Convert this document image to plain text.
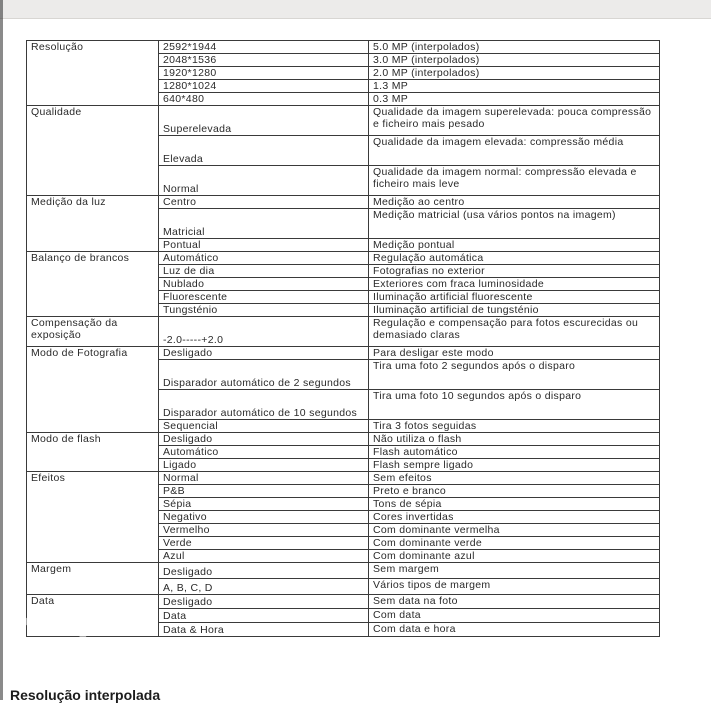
Resolução	2592*1944	5.0 MP (interpolados)
	2048*1536	3.0 MP (interpolados)
	1920*1280	2.0 MP (interpolados)
	1280*1024	1.3 MP
	640*480	0.3 MP
Qualidade	Superelevada	Qualidade da imagem superelevada: pouca compressão e ficheiro mais pesado
	Elevada	Qualidade da imagem elevada: compressão média
	Normal	Qualidade da imagem normal: compressão elevada e ficheiro mais leve
Medição da luz	Centro	Medição ao centro
	Matricial	Medição matricial (usa vários pontos na imagem)
	Pontual	Medição pontual
Balanço de brancos	Automático	Regulação automática
	Luz de dia	Fotografias no exterior
	Nublado	Exteriores com fraca luminosidade
	Fluorescente	Iluminação artificial fluorescente
	Tungsténio	Iluminação artificial de tungsténio
Compensação da exposição	-2.0-----+2.0	Regulação e compensação para fotos escurecidas ou demasiado claras
Modo de Fotografia	Desligado	Para desligar este modo
	Disparador automático de 2 segundos	Tira uma foto 2 segundos após o disparo
	Disparador automático de 10 segundos	Tira uma foto 10 segundos após o disparo
	Sequencial	Tira 3 fotos seguidas
Modo de flash	Desligado	Não utiliza o flash
	Automático	Flash automático
	Ligado	Flash sempre ligado
Efeitos	Normal	Sem efeitos
	P&B	Preto e branco
	Sépia	Tons de sépia
	Negativo	Cores invertidas
	Vermelho	Com dominante vermelha
	Verde	Com dominante verde
	Azul	Com dominante azul
Margem	Desligado	Sem margem
	A, B, C, D	Vários tipos de margem
Data	Desligado	Sem data na foto
	Data	Com data
	Data & Hora	Com data e hora
olx
Resolução interpolada
